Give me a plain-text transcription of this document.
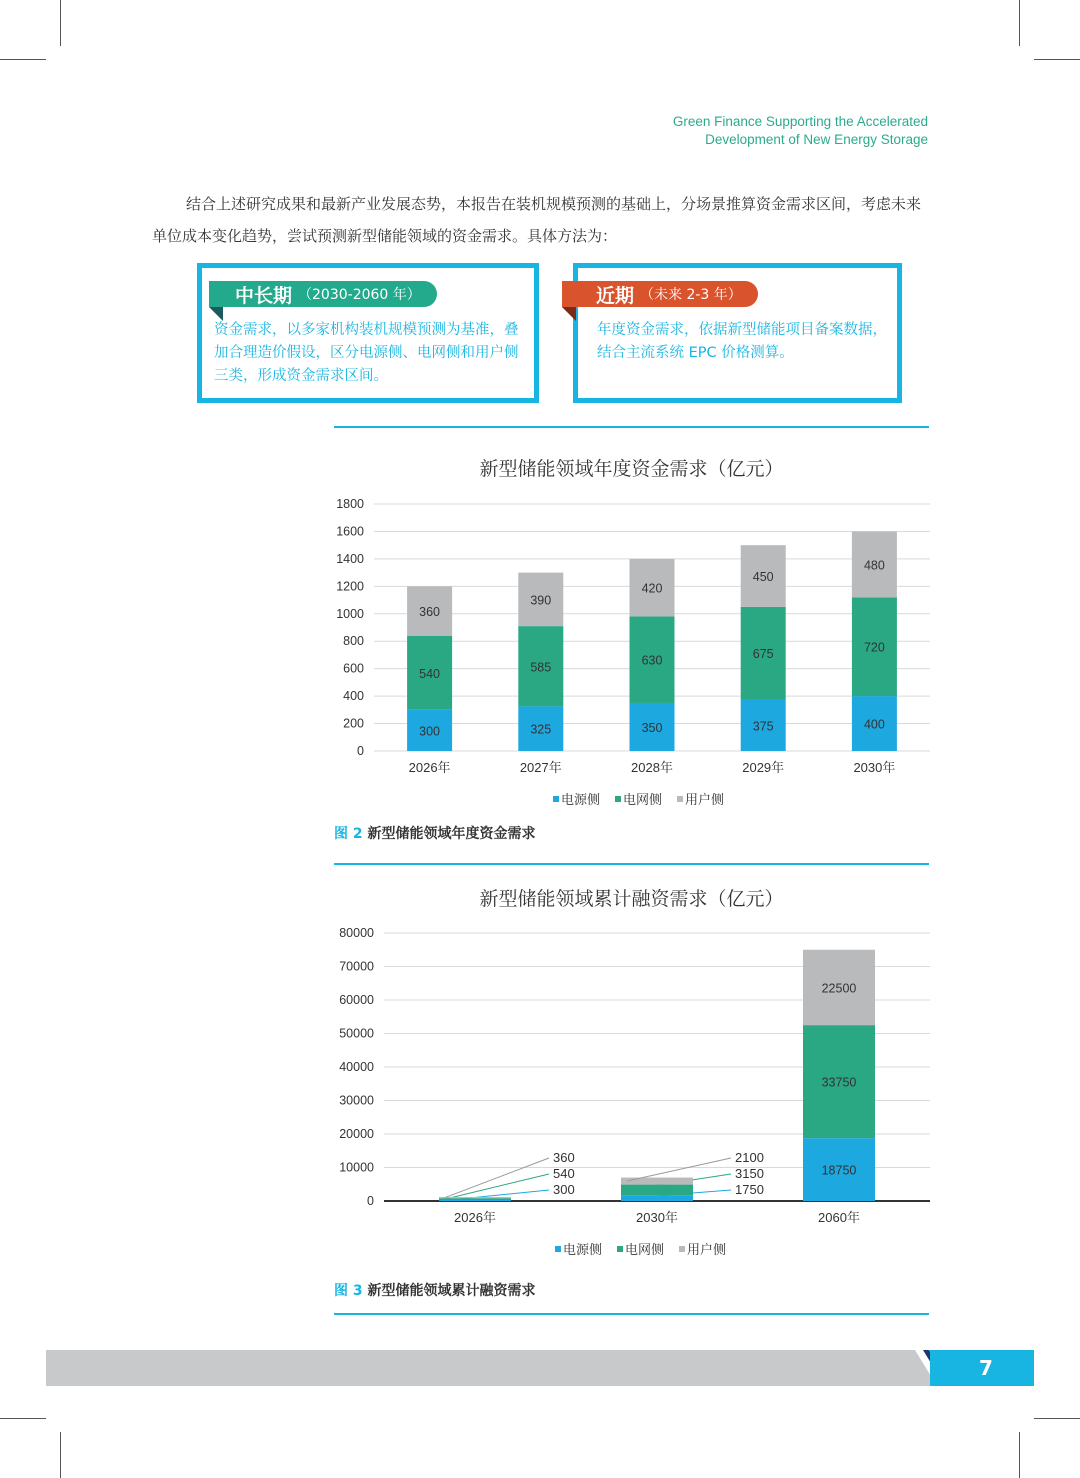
Green Finance Supporting the Accelerated
Development of New Energy Storage
结合上述研究成果和最新产业发展态势，本报告在装机规模预测的基础上，分场景推算资金需求区间，考虑未来单位成本变化趋势，尝试预测新型储能领域的资金需求。具体方法为：
中长期 （2030-2060 年）
资金需求，以多家机构装机规模预测为基准，叠加合理造价假设，区分电源侧、电网侧和用户侧三类，形成资金需求区间。
近期 （未来 2-3 年）
年度资金需求，依据新型储能项目备案数据，结合主流系统 EPC 价格测算。
新型储能领域年度资金需求（亿元）
0
200
400
600
800
1000
1200
1400
1600
1800
300
540
360
2026年
325
585
390
2027年
350
630
420
2028年
375
675
450
2029年
400
720
480
2030年
电源侧 电网侧 用户侧
图 2 新型储能领域年度资金需求
新型储能领域累计融资需求（亿元）
0
10000
20000
30000
40000
50000
60000
70000
80000
300
540
360
2026年
1750
3150
2100
2030年
18750
33750
22500
2060年
电源侧 电网侧 用户侧
图 3 新型储能领域累计融资需求
7
